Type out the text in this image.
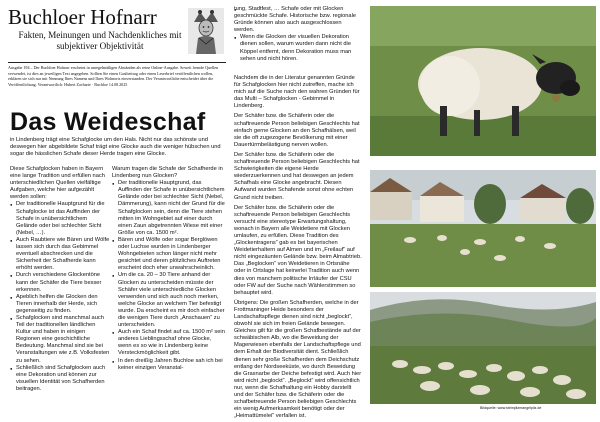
Buchloer Hofnarr
Fakten, Meinungen und Nachdenkliches mit subjektiver Objektivität
Ausgabe 194 – Der Buchloer Hofnarr erscheint in unregelmäßigen Abständen als reine Online-Ausgabe. Soweit fremde Quellen verwendet, ist dies an jeweiligen Text angegeben. Sollten Sie einen Gastbeitrag oder einen Leserbrief veröffentlichen wollen, erklären sie sich nur mit Nennung Ihres Namens und Ihres Wohnorts einverstanden. Der Verantwortliche entscheidet über die Veröffentlichung. Verantwortlich: Hubert Zacharie · Buchloe 14.08.2025
Das Weideschaf

in Lindenberg trägt eine Schafglocke um den Hals. Nicht nur das schönste und deswegen hier abgebildete Schaf trägt eine Glocke auch die weniger hübschen und sogar die hässlichen Schafe dieser Herde tragen eine Glocke.

Diese Schafglocken haben in Bayern eine lange Tradition und erfüllen nach unterschiedlichen Quellen vielfältige Aufgaben, welche hier aufgezählt werden sollen:

● Der traditionelle Hauptgrund für die Schafglocke ist das Auffinden der Schafe in unübersichtlichem Gelände oder bei schlechter Sicht (Nebel, …).
● Auch Raubtiere wie Bären und Wölfe lassen sich durch das Gebimmel eventuell abschrecken und die Sicherheit der Schafherde kann erhöht werden.
● Durch verschiedene Glockentöne kann der Schäfer die Tiere besser erkennen.
● Apeblich helfen die Glocken den Tieren innerhalb der Herde, sich gegenseitig zu finden.
● Schafglocken sind manchmal auch Teil der traditionellen ländlichen Kultur und haben in einigen Regionen eine geschichtliche Bedeutung. Manchmal sind sie bei Veranstaltungen wie z.B. Volksfesten zu sehen.
● Schließlich sind Schafglocken auch eine Dekoration und können zur visuellen Identität von Schafherden beitragen.

Warum tragen die Schafe der Schafherde in Lindenberg nun Glocken?

● Der traditionelle Hauptgrund, das Auffinden der Schafe in unübersichtlichem Gelände oder bei schlechter Sicht (Nebel, Dämmerung), kann nicht der Grund für die Schafglocken sein, denn die Tiere stehen mitten im Wohngebiet auf einer durch einen Zaun abgetrennten Wiese mit einer Größe von ca. 1500 m².
● Bären und Wölfe oder sogar Berglöwen oder Luchse wurden in Lindenberger Wohngebieten schon länger nicht mehr gesichtet und deren plötzliches Auftreten erscheint doch eher unwahrscheinlich.
● Um die ca. 20 – 30 Tiere anhand der Glocken zu unterscheiden müsste der Schäfer viele unterschiedliche Glocken verwenden und sich auch noch merken, welche Glocke an welchem Tier befestigt wurde. Da erscheint es mir doch einfacher die wenigen Tiere durch „Anschauen“ zu unterscheiden.
● Auch ein Schaf findet auf ca. 1500 m² sein anderes Lieblingsschaf ohne Glocke, wenn es so wie in Lindenberg keine Versteckmöglichkeit gibt.
● In den dreißig Jahren Buchloe sah ich bei keiner einzigen Veranstal-
● tung, Stadtfest, … Schafe oder mit Glocken geschmückte Schafe. Historische bzw. regionale Gründe können also auch ausgeschlossen werden.
● Wenn die Glocken der visuellen Dekoration dienen sollen, warum wurden dann nicht die Köppel entfernt, denn Dekoration muss man sehen und nicht hören.

Nachdem die in der Literatur genannten Gründe für Schafglocken hier nicht zutreffen, mache ich mich auf die Suche nach den wahren Gründen für das Multi – Schafglocken - Gebimmel in Lindenberg.

Der Schäfer bzw. die Schäferin oder die schaftreuende Person beliebigen Geschlechts hat einfach gerne Glocken an den Schafhälsen, weil sie die oft zugezogene Bevölkerung mit einer Dauertürmbelästigung nerven wollen.

Der Schäfer bzw. die Schäferin oder die schaftreuende Person beliebigen Geschlechts hat Schwierigkeiten die eigene Herde wiederzuerkennen und hat deswegen an jedem Schafhals eine Glocke angebracht. Diesen Aufwand wurden Schafende sonst ohne echten Grund nicht treiben.

Der Schäfer bzw. die Schäferin oder die schaftreuende Person beliebigen Geschlechts versucht eine stereotype Erwartungshaltung, wonach in Bayern alle Weidetiere mit Glocken umlaufen, zu erfüllen. Diese Tradition des „Glockentragens“ gab es bei bayerischen Weidetierhaltern auf Almen und im „Freilauf“ auf nicht eingezäunten Gelände bzw. beim Almabtrieb. Das „Beglocken“ von Weidetieren in Ortsnähe oder in Ortslage hat keinerlei Tradition auch wenn dies von manchem politische Irrläufer der CSU oder FW auf der Suche nach Wählerstimmen so behauptet wird.

Übrigens: Die großen Schafherden, welche in der Frottmaninger Heide besonders der Landschaftspflege dienen sind nicht „beglockt“, obwohl sie sich im freien Gelände bewegen. Gleiches gilt für die großen Schafbestände auf der schwäbischen Alb, wo die Beweidung der Magerwiesen ebenfalls der Landschaftspflege und dem Erhalt der Biodiversität dient. Schließlich dienen sehr große Schafherden dem Deichschutz entlang der Nordseeküste, wo durch Beweidung die Grasnarbe der Deiche befestigt wird. Auch hier wird nicht „beglockt“. „Beglockt“ wird offensichtlich nur, wenn die Schafhaltung ein Hobby darstellt und der Schäfer bzw. die Schäferin oder die schafbetreuende Person beliebigen Geschlechts ein wenig Aufmerksamkeit benötigt oder der „Heimattümelei“ verfallen ist.

Bildquelle: www.steinpilzmangelpilz.de
